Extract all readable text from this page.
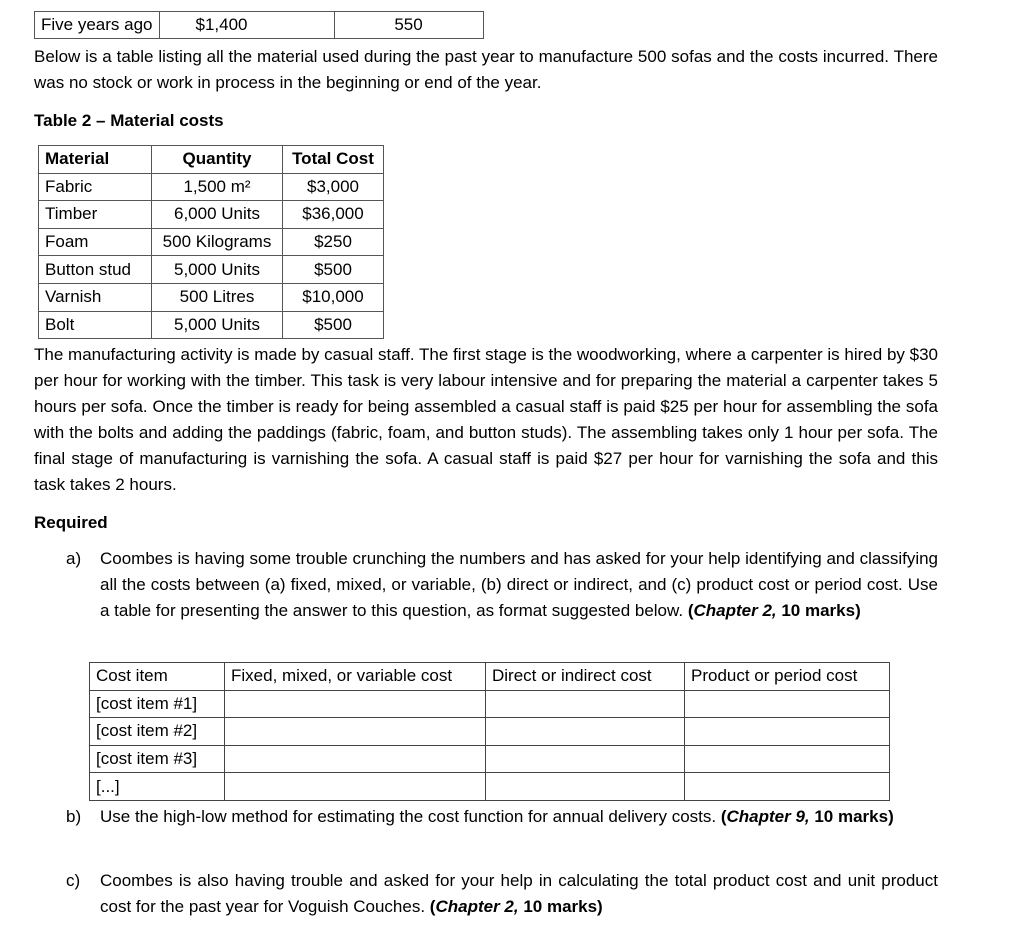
Five years ago	$1,400	550
Below is a table listing all the material used during the past year to manufacture 500 sofas and the costs incurred. There was no stock or work in process in the beginning or end of the year.
Table 2 – Material costs
Material	Quantity	Total Cost
Fabric	1,500 m²	$3,000
Timber	6,000 Units	$36,000
Foam	500 Kilograms	$250
Button stud	5,000 Units	$500
Varnish	500 Litres	$10,000
Bolt	5,000 Units	$500
The manufacturing activity is made by casual staff. The first stage is the woodworking, where a carpenter is hired by $30 per hour for working with the timber. This task is very labour intensive and for preparing the material a carpenter takes 5 hours per sofa. Once the timber is ready for being assembled a casual staff is paid $25 per hour for assembling the sofa with the bolts and adding the paddings (fabric, foam, and button studs). The assembling takes only 1 hour per sofa. The final stage of manufacturing is varnishing the sofa. A casual staff is paid $27 per hour for varnishing the sofa and this task takes 2 hours.
Required
a) Coombes is having some trouble crunching the numbers and has asked for your help identifying and classifying all the costs between (a) fixed, mixed, or variable, (b) direct or indirect, and (c) product cost or period cost. Use a table for presenting the answer to this question, as format suggested below. (Chapter 2, 10 marks)
Cost item	Fixed, mixed, or variable cost	Direct or indirect cost	Product or period cost
[cost item #1]			
[cost item #2]			
[cost item #3]			
[...]			
b) Use the high-low method for estimating the cost function for annual delivery costs. (Chapter 9, 10 marks)
c) Coombes is also having trouble and asked for your help in calculating the total product cost and unit product cost for the past year for Voguish Couches. (Chapter 2, 10 marks)
